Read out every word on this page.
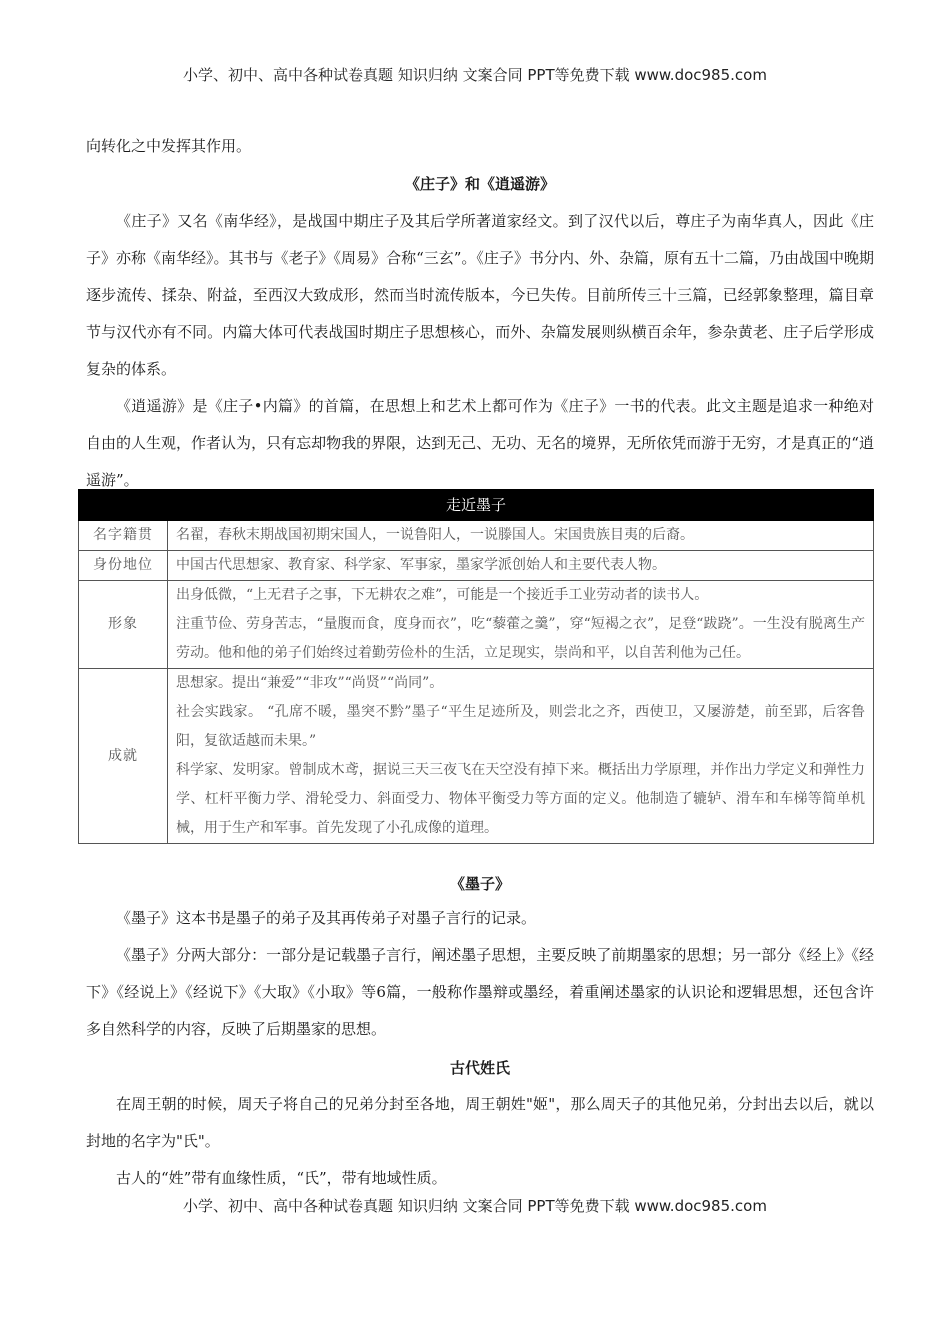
小学、初中、高中各种试卷真题 知识归纳 文案合同 PPT等免费下载 www.doc985.com

向转化之中发挥其作用。

《庄子》和《逍遥游》

《庄子》又名《南华经》，是战国中期庄子及其后学所著道家经文。到了汉代以后，尊庄子为南华真人，因此《庄子》亦称《南华经》。其书与《老子》《周易》合称“三玄”。《庄子》书分内、外、杂篇，原有五十二篇，乃由战国中晚期逐步流传、揉杂、附益，至西汉大致成形，然而当时流传版本，今已失传。目前所传三十三篇，已经郭象整理，篇目章节与汉代亦有不同。内篇大体可代表战国时期庄子思想核心，而外、杂篇发展则纵横百余年，参杂黄老、庄子后学形成复杂的体系。

《逍遥游》是《庄子•内篇》的首篇，在思想上和艺术上都可作为《庄子》一书的代表。此文主题是追求一种绝对自由的人生观，作者认为，只有忘却物我的界限，达到无己、无功、无名的境界，无所依凭而游于无穷，才是真正的“逍遥游”。

走近墨子	
名字籍贯	名翟，春秋末期战国初期宋国人，一说鲁阳人，一说滕国人。宋国贵族目夷的后裔。
身份地位	中国古代思想家、教育家、科学家、军事家，墨家学派创始人和主要代表人物。
形象	出身低微，“上无君子之事，下无耕农之难”，可能是一个接近手工业劳动者的读书人。
注重节俭、劳身苦志，“量腹而食，度身而衣”，吃“藜藿之羹”，穿“短褐之衣”，足登“跋跷”。一生没有脱离生产劳动。他和他的弟子们始终过着勤劳俭朴的生活，立足现实，崇尚和平，以自苦利他为己任。

成就	思想家。提出“兼爱”“非攻”“尚贤”“尚同”。
社会实践家。 “孔席不暖，墨突不黔”墨子“平生足迹所及，则尝北之齐，西使卫，又屡游楚，前至郢，后客鲁阳，复欲适越而未果。”
科学家、发明家。曾制成木鸢，据说三天三夜飞在天空没有掉下来。概括出力学原理，并作出力学定义和弹性力学、杠杆平衡力学、滑轮受力、斜面受力、物体平衡受力等方面的定义。他制造了辘轳、滑车和车梯等简单机械，用于生产和军事。首先发现了小孔成像的道理。
《墨子》

《墨子》这本书是墨子的弟子及其再传弟子对墨子言行的记录。

《墨子》分两大部分：一部分是记载墨子言行，阐述墨子思想，主要反映了前期墨家的思想；另一部分《经上》《经下》《经说上》《经说下》《大取》《小取》等6篇，一般称作墨辩或墨经，着重阐述墨家的认识论和逻辑思想，还包含许多自然科学的内容，反映了后期墨家的思想。

古代姓氏

在周王朝的时候，周天子将自己的兄弟分封至各地，周王朝姓"姬"，那么周天子的其他兄弟，分封出去以后，就以封地的名字为"氏"。

古人的“姓”带有血缘性质，“氏”，带有地域性质。

小学、初中、高中各种试卷真题 知识归纳 文案合同 PPT等免费下载 www.doc985.com
